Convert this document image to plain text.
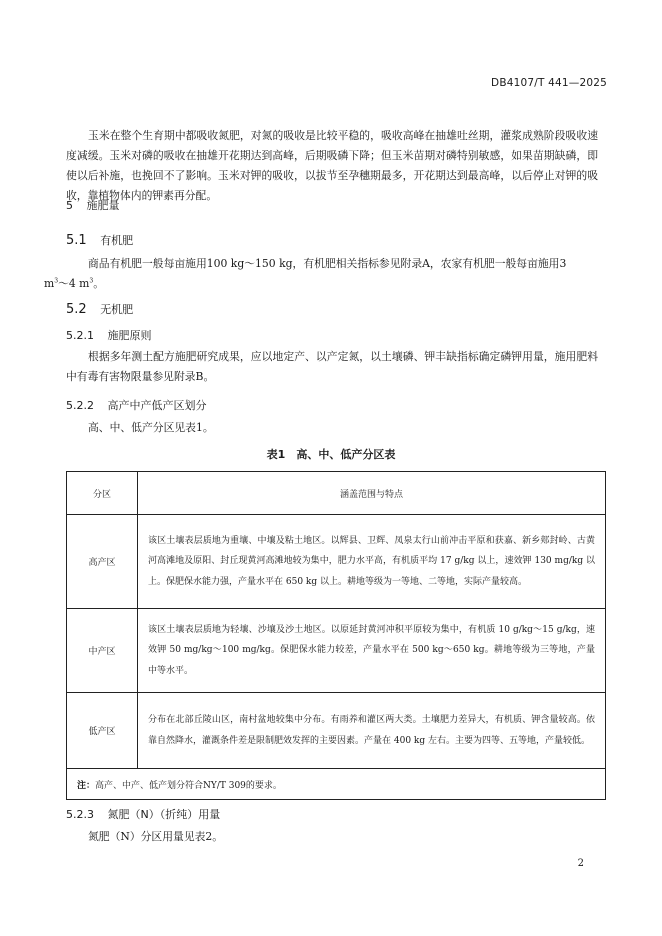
DB4107/T 441—2025
玉米在整个生育期中都吸收氮肥，对氮的吸收是比较平稳的，吸收高峰在抽雄吐丝期，灌浆成熟阶段吸收速度减缓。玉米对磷的吸收在抽雄开花期达到高峰，后期吸磷下降；但玉米苗期对磷特别敏感，如果苗期缺磷，即使以后补施，也挽回不了影响。玉米对钾的吸收，以拔节至孕穗期最多，开花期达到最高峰，以后停止对钾的吸收，靠植物体内的钾素再分配。
5 施肥量
5.1 有机肥
商品有机肥一般每亩施用100 kg～150 kg，有机肥相关指标参见附录A，农家有机肥一般每亩施用3
$m^3\sim 4$ $m^3$。
5.2 无机肥
5.2.1 施肥原则
根据多年测土配方施肥研究成果，应以地定产、以产定氮，以土壤磷、钾丰缺指标确定磷钾用量，施用肥料中有毒有害物限量参见附录B。
5.2.2 高产中产低产区划分
高、中、低产分区见表1。
表1　高、中、低产分区表
分区	涵盖范围与特点
高产区	该区土壤表层质地为重壤、中壤及粘土地区。以辉县、卫辉、凤泉太行山前冲击平原和获嘉、新乡郏封岭、古黄河高滩地及原阳、封丘现黄河高滩地较为集中，肥力水平高，有机质平均 17 g/kg 以上，速效钾 130 mg/kg 以上。保肥保水能力强，产量水平在 650 kg 以上。耕地等级为一等地、二等地，实际产量较高。

中产区	该区土壤表层质地为轻壤、沙壤及沙土地区。以原延封黄河冲积平原较为集中，有机质 10 g/kg～15 g/kg，速效钾 50 mg/kg～100 mg/kg。保肥保水能力较差，产量水平在 500 kg～650 kg。耕地等级为三等地，产量中等水平。

低产区	分布在北部丘陵山区，南村盆地较集中分布。有雨养和灌区两大类。土壤肥力差异大，有机质、钾含量较高。依靠自然降水，灌溉条件差是限制肥效发挥的主要因素。产量在 400 kg 左右。主要为四等、五等地，产量较低。

注：高产、中产、低产划分符合NY/T 309的要求。	
5.2.3 氮肥（N）（折纯）用量
氮肥（N）分区用量见表2。
2
